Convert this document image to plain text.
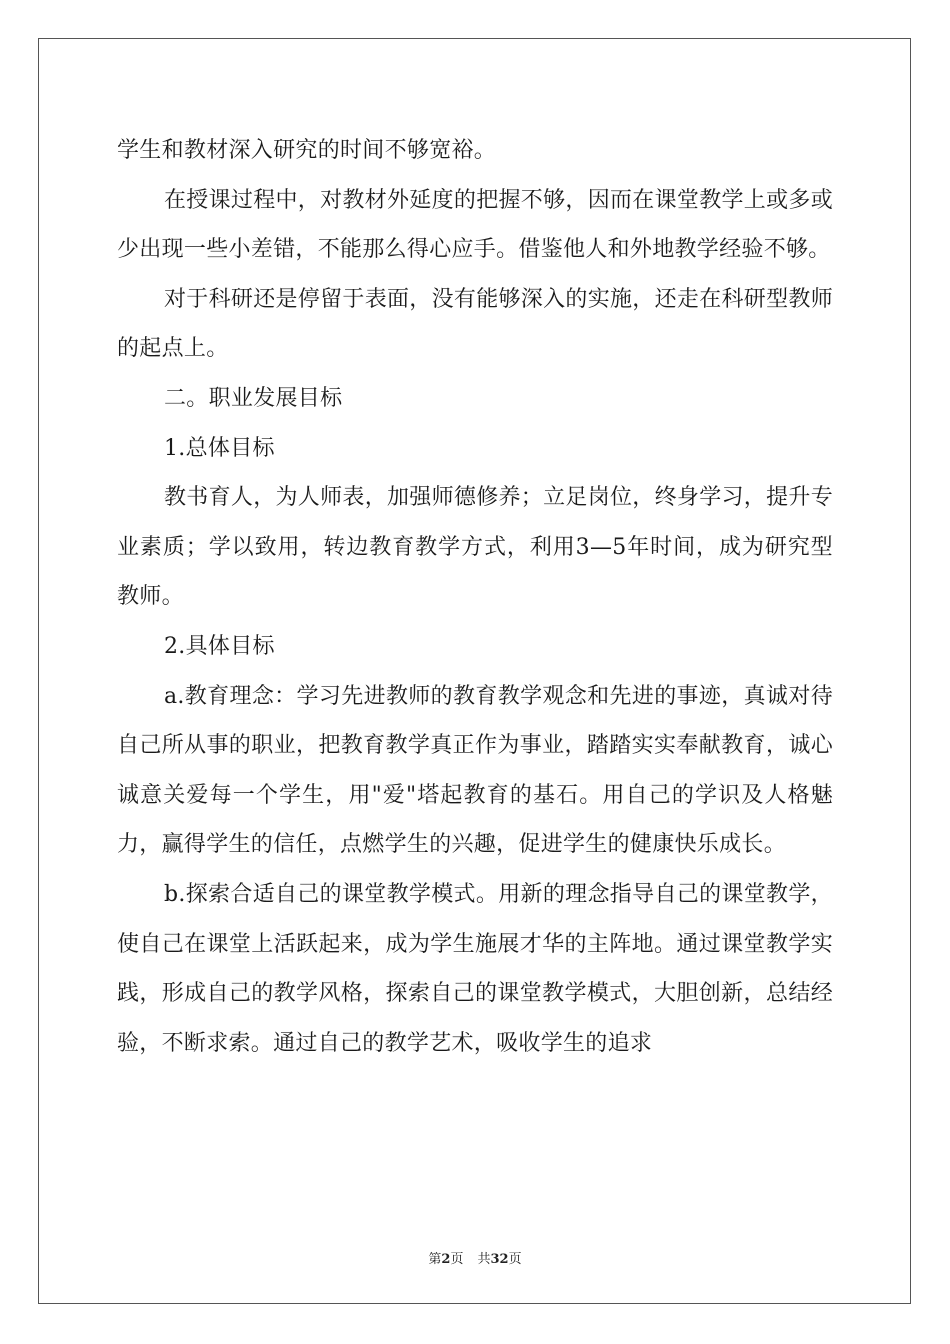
学生和教材深入研究的时间不够宽裕。

在授课过程中，对教材外延度的把握不够，因而在课堂教学上或多或少出现一些小差错，不能那么得心应手。借鉴他人和外地教学经验不够。

对于科研还是停留于表面，没有能够深入的实施，还走在科研型教师的起点上。

二。职业发展目标

1.总体目标

教书育人，为人师表，加强师德修养；立足岗位，终身学习，提升专业素质；学以致用，转边教育教学方式，利用3—5年时间，成为研究型教师。

2.具体目标

a.教育理念：学习先进教师的教育教学观念和先进的事迹，真诚对待自己所从事的职业，把教育教学真正作为事业，踏踏实实奉献教育，诚心诚意关爱每一个学生，用"爱"塔起教育的基石。用自己的学识及人格魅力，赢得学生的信任，点燃学生的兴趣，促进学生的健康快乐成长。

b.探索合适自己的课堂教学模式。用新的理念指导自己的课堂教学，使自己在课堂上活跃起来，成为学生施展才华的主阵地。通过课堂教学实践，形成自己的教学风格，探索自己的课堂教学模式，大胆创新，总结经验，不断求索。通过自己的教学艺术，吸收学生的追求

第2页 共32页
